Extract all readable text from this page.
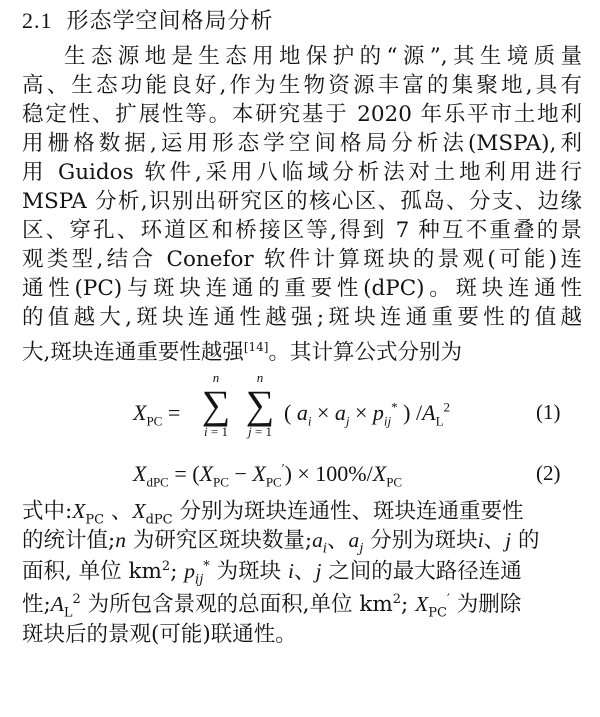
2.1 形态学空间格局分析
生态源地是生态用地保护的“源”,其生境质量
高、生态功能良好,作为生物资源丰富的集聚地,具有
稳定性、扩展性等。本研究基于 2020 年乐平市土地利
用栅格数据,运用形态学空间格局分析法(MSPA),利
用 Guidos 软件,采用八临域分析法对土地利用进行
MSPA 分析,识别出研究区的核心区、孤岛、分支、边缘
区、穿孔、环道区和桥接区等,得到 7 种互不重叠的景
观类型,结合 Conefor 软件计算斑块的景观(可能)连
通性(PC)与斑块连通的重要性(dPC)。斑块连通性
的值越大,斑块连通性越强;斑块连通重要性的值越
大,斑块连通重要性越强[14]。其计算公式分别为
$X_{PC}$ =
n
∑
i = 1
n
∑
j = 1
( $a_i \times a_j \times p_{ij}^*$ ) $/A_L^2$	(1)
$X_{dPC} = (X_{PC} - X_{PC}') \times 100\%/X_{PC}$	(2)
式中$:X_{PC}$ 、$X_{dPC}$ 分别为斑块连通性、斑块连通重要性
的统计值;n 为研究区斑块数量$;a_i$、$a_j$ 分别为斑块i、j 的
面积, 单位 $km^2$; $p_{ij}^*$ 为斑块 i、j 之间的最大路径连通
性$;A_L^2$ 为所包含景观的总面积,单位 $km^2$; $X_{PC}'$ 为删除
斑块后的景观(可能)联通性。
